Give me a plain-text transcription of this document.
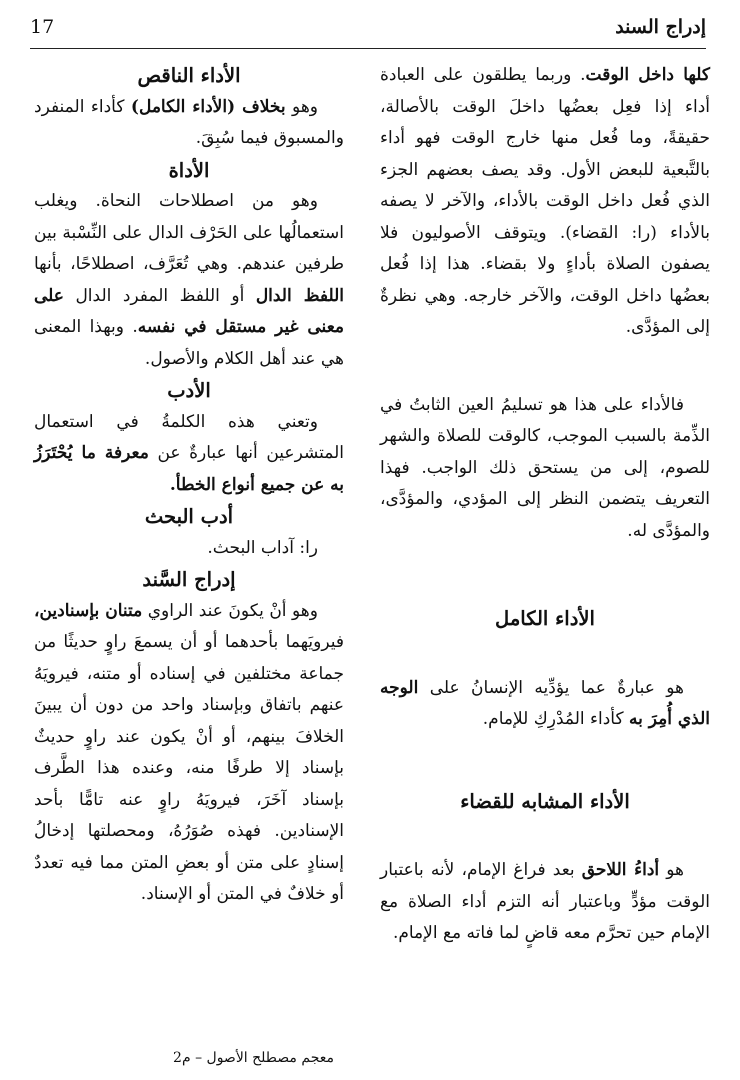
إدراج السند
17

كلها داخل الوقت. وربما يطلقون على العبادة أداء إذا فعِل بعضُها داخلَ الوقت بالأصالة، حقيقةً، وما فُعل منها خارج الوقت فهو أداء بالتَّبعية للبعض الأول. وقد يصف بعضهم الجزء الذي فُعل داخل الوقت بالأداء، والآخر لا يصفه بالأداء (را: القضاء). ويتوقف الأصوليون فلا يصفون الصلاة بأداءٍ ولا بقضاء. هذا إذا فُعل بعضُها داخل الوقت، والآخر خارجه. وهي نظرةٌ إلى المؤدَّى.

فالأداء على هذا هو تسليمُ العين الثابتُ في الذِّمة بالسبب الموجب، كالوقت للصلاة والشهر للصوم، إلى من يستحق ذلك الواجب. فهذا التعريف يتضمن النظر إلى المؤدي، والمؤدَّى، والمؤدَّى له.

الأداء الكامل

هو عبارةٌ عما يؤدِّيه الإنسانُ على الوجه الذي أُمِرَ به كأداء المُدْرِكِ للإمام.

الأداء المشابه للقضاء

هو أداءُ اللاحق بعد فراغ الإمام، لأنه باعتبار الوقت مؤدٍّ وباعتبار أنه التزم أداء الصلاة مع الإمام حين تحرَّم معه قاضٍ لما فاته مع الإمام.

الأداء الناقص

وهو بخلاف (الأداء الكامل) كأداء المنفرد والمسبوق فيما سُبِقَ.

الأداة

وهو من اصطلاحات النحاة. ويغلب استعمالُها على الحَرْف الدال على النِّسْبة بين طرفين عندهم. وهي تُعَرَّف، اصطلاحًا، بأنها اللفظ الدال أو اللفظ المفرد الدال على معنى غير مستقل في نفسه. وبهذا المعنى هي عند أهل الكلام والأصول.

الأدب

وتعني هذه الكلمةُ في استعمال المتشرعين أنها عبارةٌ عن معرفة ما يُحْتَرَزُ به عن جميع أنواع الخطأ.

أدب البحث

را: آداب البحث.

إدراج السَّند

وهو أنْ يكونَ عند الراوي متنان بإسنادين، فيرويَهما بأحدهما أو أن يسمعَ راوٍ حديثًا من جماعة مختلفين في إسناده أو متنه، فيرويَهُ عنهم باتفاق وبإسناد واحد من دون أن يبينَ الخلافَ بينهم، أو أنْ يكون عند راوٍ حديثٌ بإسناد إلا طرفًا منه، وعنده هذا الطَّرف بإسناد آخَرَ، فيرويَهُ راوٍ عنه تامًّا بأحد الإسنادين. فهذه صُوَرُهُ، ومحصلتها إدخالُ إسنادٍ على متن أو بعضِ المتن مما فيه تعددٌ أو خلافٌ في المتن أو الإسناد.

معجم مصطلح الأصول – م2
